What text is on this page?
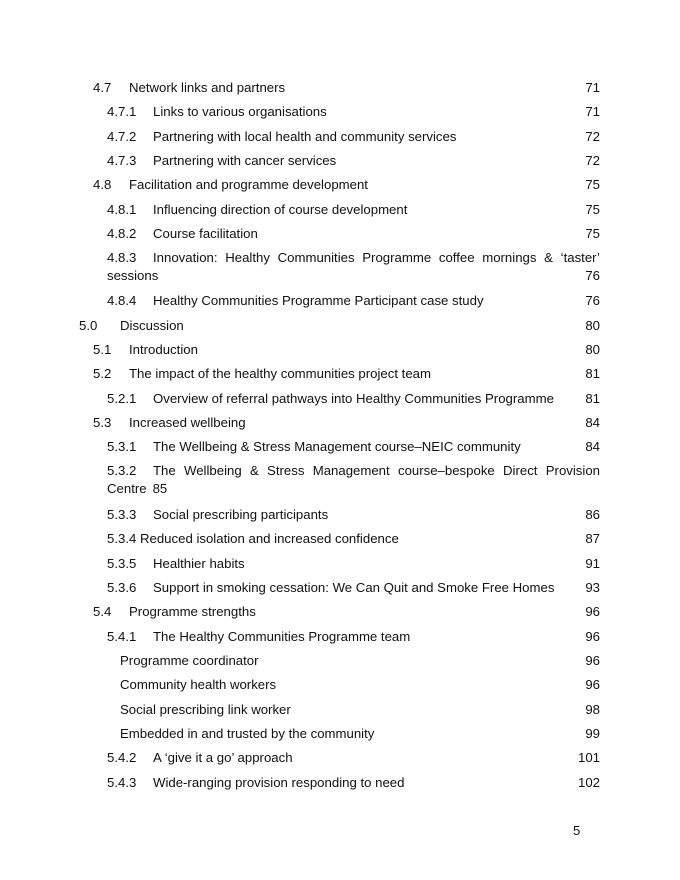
4.7 Network links and partners	71
4.7.1 Links to various organisations	71
4.7.2 Partnering with local health and community services	72
4.7.3 Partnering with cancer services	72
4.8 Facilitation and programme development	75
4.8.1 Influencing direction of course development	75
4.8.2 Course facilitation	75
4.8.3 Innovation: Healthy Communities Programme coffee mornings & ‘taster’
sessions	76
4.8.4 Healthy Communities Programme Participant case study	76
5.0 Discussion	80
5.1 Introduction	80
5.2 The impact of the healthy communities project team	81
5.2.1 Overview of referral pathways into Healthy Communities Programme 81
5.3 Increased wellbeing	84
5.3.1 The Wellbeing & Stress Management course–NEIC community	84
5.3.2 The Wellbeing & Stress Management course–bespoke Direct Provision
Centre 85
5.3.3 Social prescribing participants	86
5.3.4 Reduced isolation and increased confidence	87
5.3.5 Healthier habits	91
5.3.6 Support in smoking cessation: We Can Quit and Smoke Free Homes 93
5.4 Programme strengths	96
5.4.1 The Healthy Communities Programme team	96
Programme coordinator	96
Community health workers	96
Social prescribing link worker	98
Embedded in and trusted by the community	99
5.4.2 A ‘give it a go’ approach	101
5.4.3 Wide-ranging provision responding to need	102
5
